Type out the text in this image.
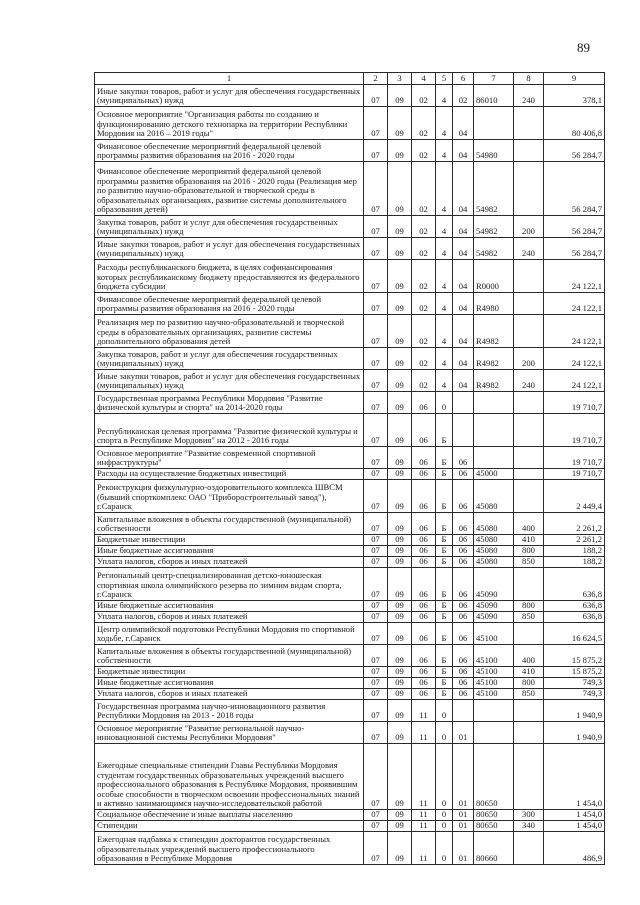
89
1	2	3	4	5	6	7	8	9
Иные закупки товаров, работ и услуг для обеспечения государственных (муниципальных) нужд	07	09	02	4	02	86010	240	378,1
Основное мероприятие "Организация работы по созданию и функционированию детского технопарка на территории Республики Мордовия на 2016 – 2019 годы"	07	09	02	4	04			80 406,8
Финансовое обеспечение мероприятий федеральной целевой программы развития образования на 2016 - 2020 годы	07	09	02	4	04	54980		56 284,7
Финансовое обеспечение мероприятий федеральной целевой программы развития образования на 2016 - 2020 годы (Реализация мер по развитию научно-образовательной и творческой среды в образовательных организациях, развитие системы дополнительного образования детей)	07	09	02	4	04	54982		56 284,7
Закупка товаров, работ и услуг для обеспечения государственных (муниципальных) нужд	07	09	02	4	04	54982	200	56 284,7
Иные закупки товаров, работ и услуг для обеспечения государственных (муниципальных) нужд	07	09	02	4	04	54982	240	56 284,7
Расходы республиканского бюджета, в целях софинансирования которых республиканскому бюджету предоставляются из федерального бюджета субсидии	07	09	02	4	04	R0000		24 122,1
Финансовое обеспечение мероприятий федеральной целевой программы развития образования на 2016 - 2020 годы	07	09	02	4	04	R4980		24 122,1
Реализация мер по развитию научно-образовательной и творческой среды в образовательных организациях, развитие системы дополнительного образования детей	07	09	02	4	04	R4982		24 122,1
Закупка товаров, работ и услуг для обеспечения государственных (муниципальных) нужд	07	09	02	4	04	R4982	200	24 122,1
Иные закупки товаров, работ и услуг для обеспечения государственных (муниципальных) нужд	07	09	02	4	04	R4982	240	24 122,1
Государственная программа Республики Мордовия "Развитие физической культуры и спорта" на 2014-2020 годы	07	09	06	0				19 710,7
Республиканская целевая программа "Развитие физической культуры и спорта в Республике Мордовия" на 2012 - 2016 годы	07	09	06	Б				19 710,7
Основное мероприятие "Развитие современной спортивной инфраструктуры"	07	09	06	Б	06			19 710,7
Расходы на осуществление бюджетных инвестиций	07	09	06	Б	06	45000		19 710,7
Реконструкция физкультурно-оздоровительного комплекса ШВСМ (бывший спорткомплекс ОАО "Приборостроительный завод"), г.Саранск	07	09	06	Б	06	45080		2 449,4
Капитальные вложения в объекты государственной (муниципальной) собственности	07	09	06	Б	06	45080	400	2 261,2
Бюджетные инвестиции	07	09	06	Б	06	45080	410	2 261,2
Иные бюджетные ассигнования	07	09	06	Б	06	45080	800	188,2
Уплата налогов, сборов и иных платежей	07	09	06	Б	06	45080	850	188,2
Региональный центр-специализированная детско-юношеская спортивная школа олимпийского резерва по зимним видам спорта, г.Саранск	07	09	06	Б	06	45090		636,8
Иные бюджетные ассигнования	07	09	06	Б	06	45090	800	636,8
Уплата налогов, сборов и иных платежей	07	09	06	Б	06	45090	850	636,8
Центр олимпийской подготовки Республики Мордовия по спортивной ходьбе, г.Саранск	07	09	06	Б	06	45100		16 624,5
Капитальные вложения в объекты государственной (муниципальной) собственности	07	09	06	Б	06	45100	400	15 875,2
Бюджетные инвестиции	07	09	06	Б	06	45100	410	15 875,2
Иные бюджетные ассигнования	07	09	06	Б	06	45100	800	749,3
Уплата налогов, сборов и иных платежей	07	09	06	Б	06	45100	850	749,3
Государственная программа научно-инновационного развития Республики Мордовия на 2013 - 2018 годы	07	09	11	0				1 940,9
Основное мероприятие "Развитие региональной научно-инновационной системы Республики Мордовия"	07	09	11	0	01			1 940,9
Ежегодные специальные стипендии Главы Республики Мордовия студентам государственных образовательных учреждений высшего профессионального образования в Республике Мордовия, проявившим особые способности в творческом освоении профессиональных знаний и активно занимающимся научно-исследовательской работой	07	09	11	0	01	80650		1 454,0
Социальное обеспечение и иные выплаты населению	07	09	11	0	01	80650	300	1 454,0
Стипендии	07	09	11	0	01	80650	340	1 454,0
Ежегодная надбавка к стипендии докторантов государственных образовательных учреждений высшего профессионального образования в Республике Мордовия	07	09	11	0	01	80660		486,9
